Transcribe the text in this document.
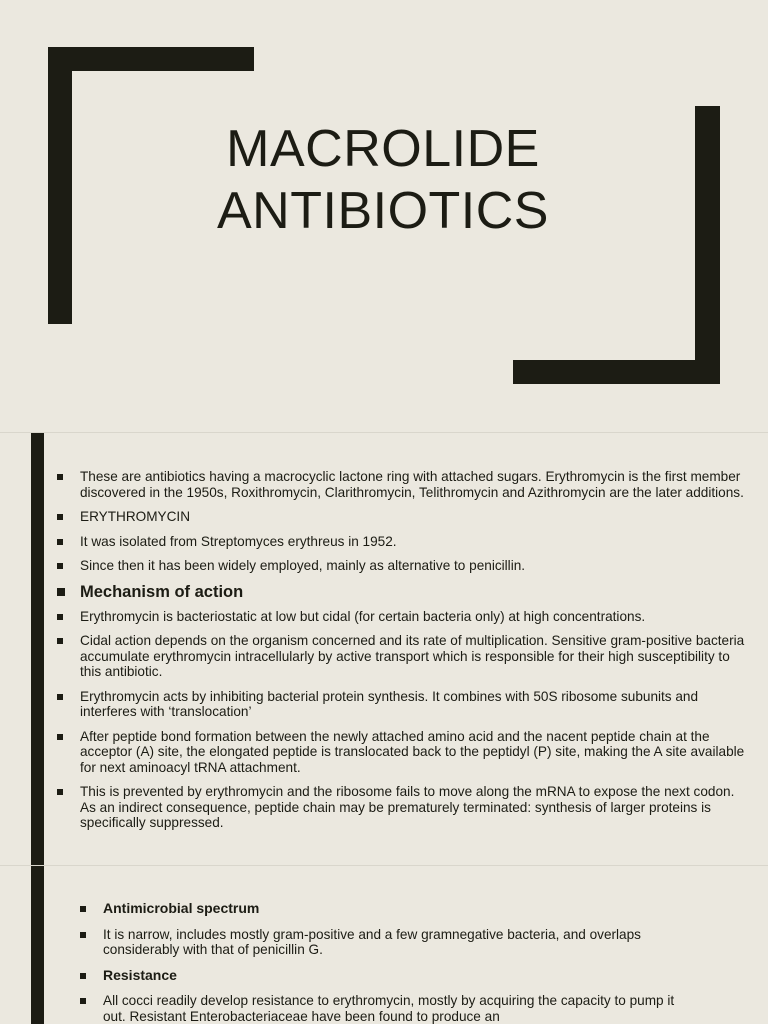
MACROLIDE
ANTIBIOTICS
These are antibiotics having a macrocyclic lactone ring with attached sugars. Erythromycin is the first member discovered in the 1950s, Roxithromycin, Clarithromycin, Telithromycin and Azithromycin are the later additions.
ERYTHROMYCIN
It was isolated from Streptomyces erythreus in 1952.
Since then it has been widely employed, mainly as alternative to penicillin.
Mechanism of action
Erythromycin is bacteriostatic at low but cidal (for certain bacteria only) at high concentrations.
Cidal action depends on the organism concerned and its rate of multiplication. Sensitive gram-positive bacteria accumulate erythromycin intracellularly by active transport which is responsible for their high susceptibility to this antibiotic.
Erythromycin acts by inhibiting bacterial protein synthesis. It combines with 50S ribosome subunits and interferes with ‘translocation’
After peptide bond formation between the newly attached amino acid and the nacent peptide chain at the acceptor (A) site, the elongated peptide is translocated back to the peptidyl (P) site, making the A site available for next aminoacyl tRNA attachment.
This is prevented by erythromycin and the ribosome fails to move along the mRNA to expose the next codon. As an indirect consequence, peptide chain may be prematurely terminated: synthesis of larger proteins is specifically suppressed.
Antimicrobial spectrum
It is narrow, includes mostly gram-positive and a few gramnegative bacteria, and overlaps considerably with that of penicillin G.
Resistance
All cocci readily develop resistance to erythromycin, mostly by acquiring the capacity to pump it out. Resistant Enterobacteriaceae have been found to produce an
